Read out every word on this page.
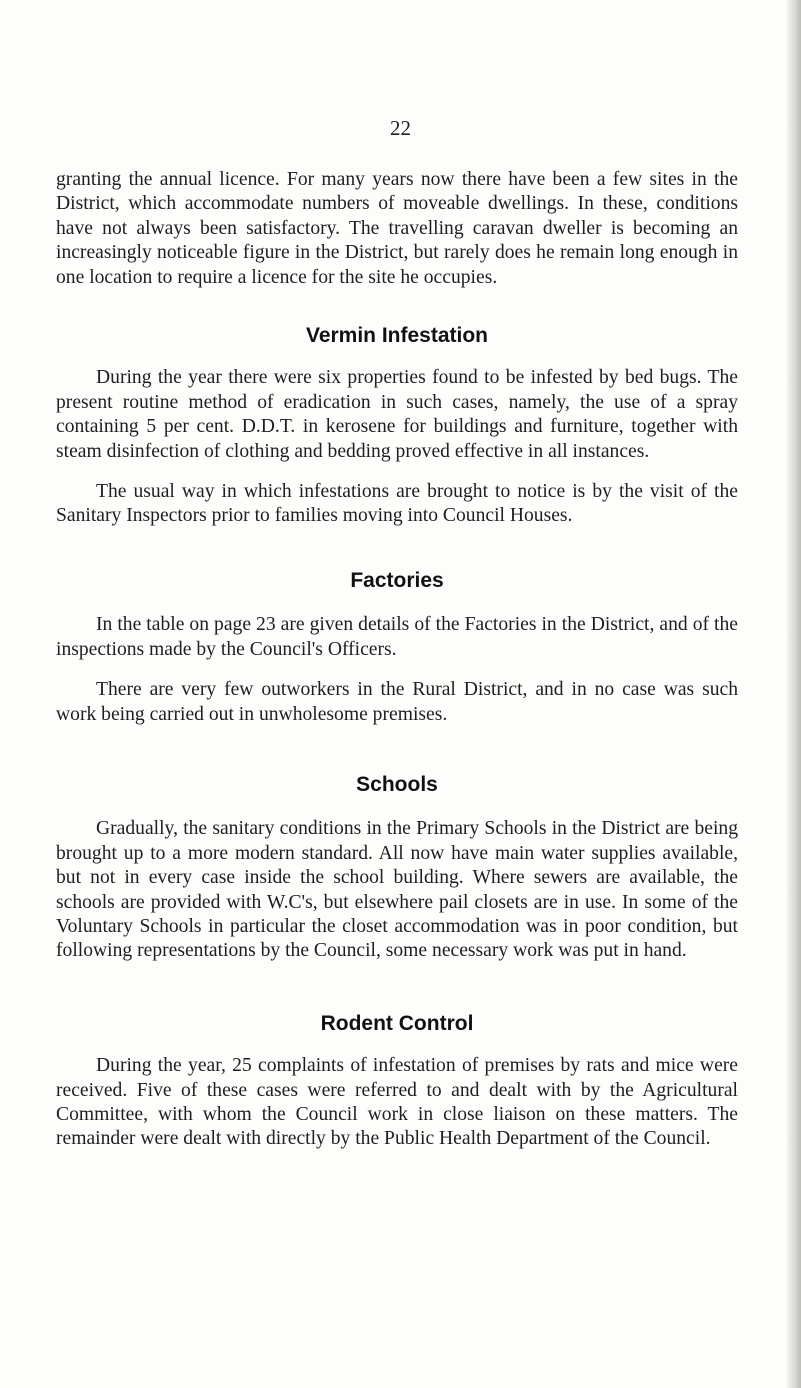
22

granting the annual licence. For many years now there have been a few sites in the District, which accommodate numbers of moveable dwellings. In these, conditions have not always been satisfactory. The travelling caravan dweller is becoming an increasingly noticeable figure in the District, but rarely does he remain long enough in one location to require a licence for the site he occupies.

Vermin Infestation

During the year there were six properties found to be infested by bed bugs. The present routine method of eradication in such cases, namely, the use of a spray containing 5 per cent. D.D.T. in kerosene for buildings and furniture, together with steam disinfection of clothing and bedding proved effective in all instances.

The usual way in which infestations are brought to notice is by the visit of the Sanitary Inspectors prior to families moving into Council Houses.

Factories

In the table on page 23 are given details of the Factories in the District, and of the inspections made by the Council's Officers.

There are very few outworkers in the Rural District, and in no case was such work being carried out in unwholesome premises.

Schools

Gradually, the sanitary conditions in the Primary Schools in the District are being brought up to a more modern standard. All now have main water supplies available, but not in every case inside the school building. Where sewers are available, the schools are provided with W.C's, but elsewhere pail closets are in use. In some of the Voluntary Schools in particular the closet accommodation was in poor condition, but following representations by the Council, some necessary work was put in hand.

Rodent Control

During the year, 25 complaints of infestation of premises by rats and mice were received. Five of these cases were referred to and dealt with by the Agricultural Committee, with whom the Council work in close liaison on these matters. The remainder were dealt with directly by the Public Health Department of the Council.
